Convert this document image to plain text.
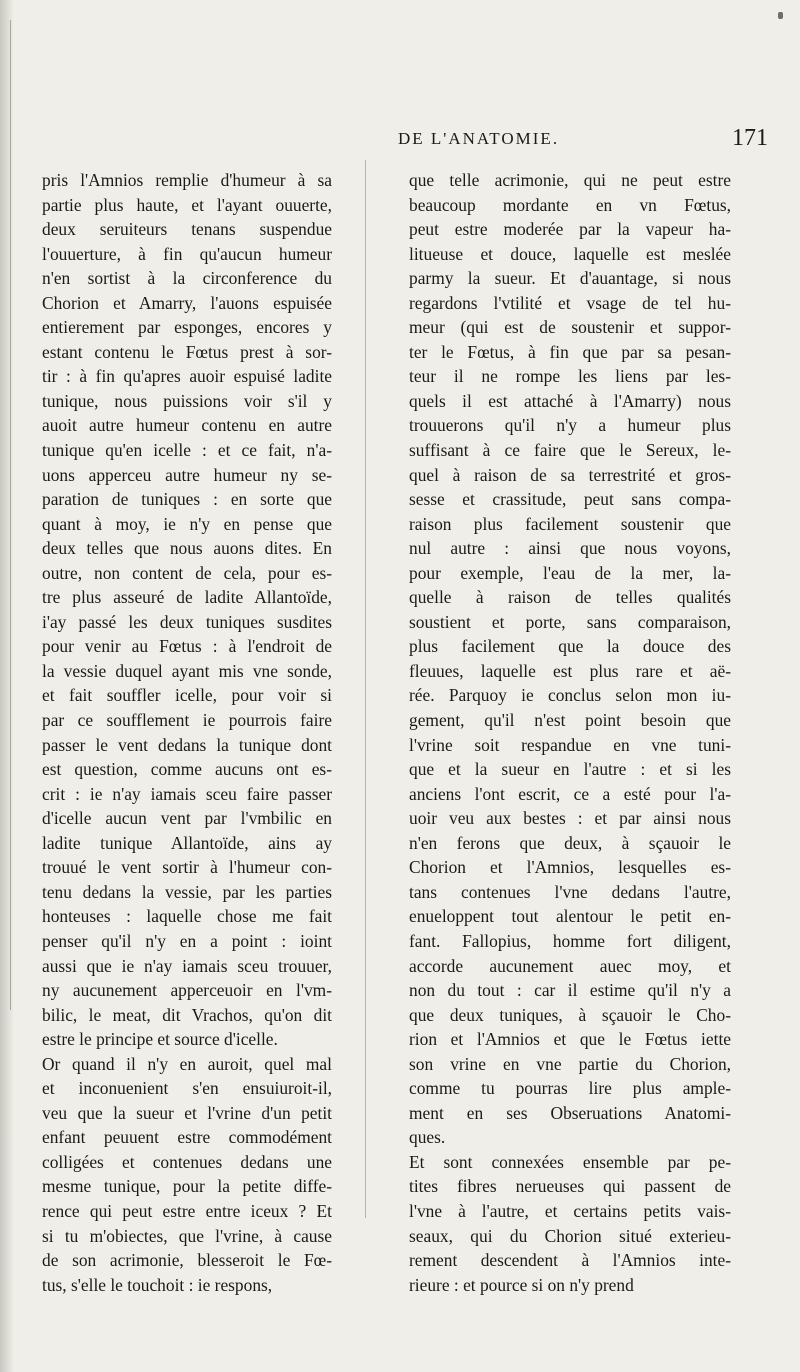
DE L'ANATOMIE.	171
pris l'Amnios remplie d'humeur à sa
partie plus haute, et l'ayant ouuerte,
deux seruiteurs tenans suspendue
l'ouuerture, à fin qu'aucun humeur
n'en sortist à la circonference du
Chorion et Amarry, l'auons espuisée
entierement par esponges, encores y
estant contenu le Fœtus prest à sor-
tir : à fin qu'apres auoir espuisé ladite
tunique, nous puissions voir s'il y
auoit autre humeur contenu en autre
tunique qu'en icelle : et ce fait, n'a-
uons apperceu autre humeur ny se-
paration de tuniques : en sorte que
quant à moy, ie n'y en pense que
deux telles que nous auons dites. En
outre, non content de cela, pour es-
tre plus asseuré de ladite Allantoïde,
i'ay passé les deux tuniques susdites
pour venir au Fœtus : à l'endroit de
la vessie duquel ayant mis vne sonde,
et fait souffler icelle, pour voir si
par ce soufflement ie pourrois faire
passer le vent dedans la tunique dont
est question, comme aucuns ont es-
crit : ie n'ay iamais sceu faire passer
d'icelle aucun vent par l'vmbilic en
ladite tunique Allantoïde, ains ay
trouué le vent sortir à l'humeur con-
tenu dedans la vessie, par les parties
honteuses : laquelle chose me fait
penser qu'il n'y en a point : ioint
aussi que ie n'ay iamais sceu trouuer,
ny aucunement apperceuoir en l'vm-
bilic, le meat, dit Vrachos, qu'on dit
estre le principe et source d'icelle.
Or quand il n'y en auroit, quel mal
et inconuenient s'en ensuiuroit-il,
veu que la sueur et l'vrine d'un petit
enfant peuuent estre commodément
colligées et contenues dedans une
mesme tunique, pour la petite diffe-
rence qui peut estre entre iceux ? Et
si tu m'obiectes, que l'vrine, à cause
de son acrimonie, blesseroit le Fœ-
tus, s'elle le touchoit : ie respons,
que telle acrimonie, qui ne peut estre
beaucoup mordante en vn Fœtus,
peut estre moderée par la vapeur ha-
litueuse et douce, laquelle est meslée
parmy la sueur. Et d'auantage, si nous
regardons l'vtilité et vsage de tel hu-
meur (qui est de soustenir et suppor-
ter le Fœtus, à fin que par sa pesan-
teur il ne rompe les liens par les-
quels il est attaché à l'Amarry) nous
trouuerons qu'il n'y a humeur plus
suffisant à ce faire que le Sereux, le-
quel à raison de sa terrestrité et gros-
sesse et crassitude, peut sans compa-
raison plus facilement soustenir que
nul autre : ainsi que nous voyons,
pour exemple, l'eau de la mer, la-
quelle à raison de telles qualités
soustient et porte, sans comparaison,
plus facilement que la douce des
fleuues, laquelle est plus rare et aë-
rée. Parquoy ie conclus selon mon iu-
gement, qu'il n'est point besoin que
l'vrine soit respandue en vne tuni-
que et la sueur en l'autre : et si les
anciens l'ont escrit, ce a esté pour l'a-
uoir veu aux bestes : et par ainsi nous
n'en ferons que deux, à sçauoir le
Chorion et l'Amnios, lesquelles es-
tans contenues l'vne dedans l'autre,
enueloppent tout alentour le petit en-
fant. Fallopius, homme fort diligent,
accorde aucunement auec moy, et
non du tout : car il estime qu'il n'y a
que deux tuniques, à sçauoir le Cho-
rion et l'Amnios et que le Fœtus iette
son vrine en vne partie du Chorion,
comme tu pourras lire plus ample-
ment en ses Obseruations Anatomi-
ques.
Et sont connexées ensemble par pe-
tites fibres nerueuses qui passent de
l'vne à l'autre, et certains petits vais-
seaux, qui du Chorion situé exterieu-
rement descendent à l'Amnios inte-
rieure : et pource si on n'y prend
